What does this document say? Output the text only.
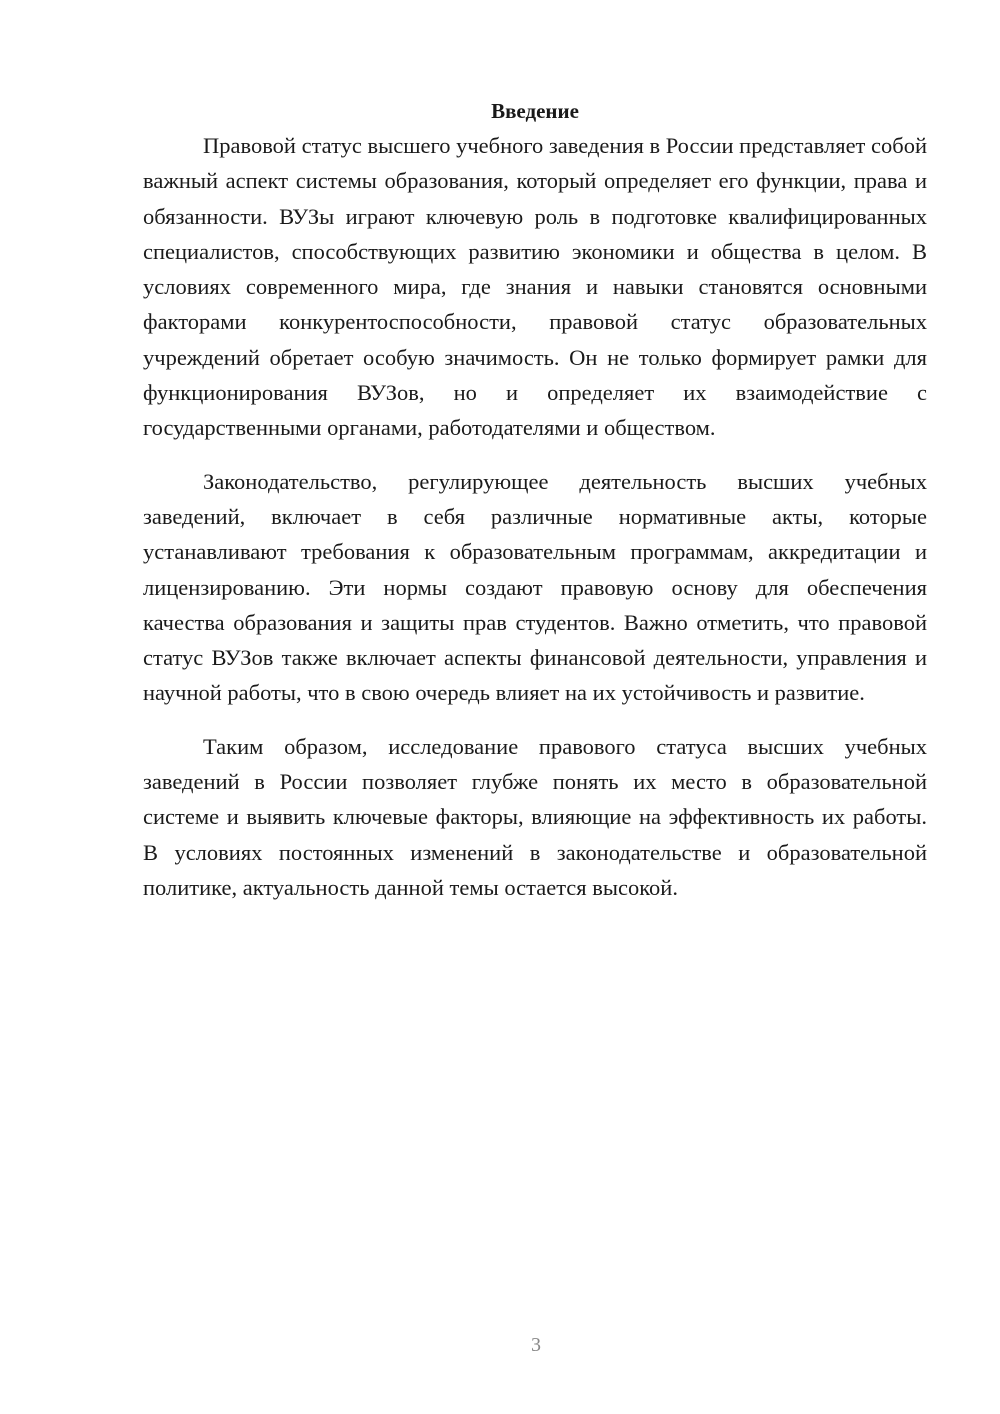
Введение

Правовой статус высшего учебного заведения в России представляет собой важный аспект системы образования, который определяет его функции, права и обязанности. ВУЗы играют ключевую роль в подготовке квалифицированных специалистов, способствующих развитию экономики и общества в целом. В условиях современного мира, где знания и навыки становятся основными факторами конкурентоспособности, правовой статус образовательных учреждений обретает особую значимость. Он не только формирует рамки для функционирования ВУЗов, но и определяет их взаимодействие с государственными органами, работодателями и обществом.

Законодательство, регулирующее деятельность высших учебных заведений, включает в себя различные нормативные акты, которые устанавливают требования к образовательным программам, аккредитации и лицензированию. Эти нормы создают правовую основу для обеспечения качества образования и защиты прав студентов. Важно отметить, что правовой статус ВУЗов также включает аспекты финансовой деятельности, управления и научной работы, что в свою очередь влияет на их устойчивость и развитие.

Таким образом, исследование правового статуса высших учебных заведений в России позволяет глубже понять их место в образовательной системе и выявить ключевые факторы, влияющие на эффективность их работы. В условиях постоянных изменений в законодательстве и образовательной политике, актуальность данной темы остается высокой.

3
